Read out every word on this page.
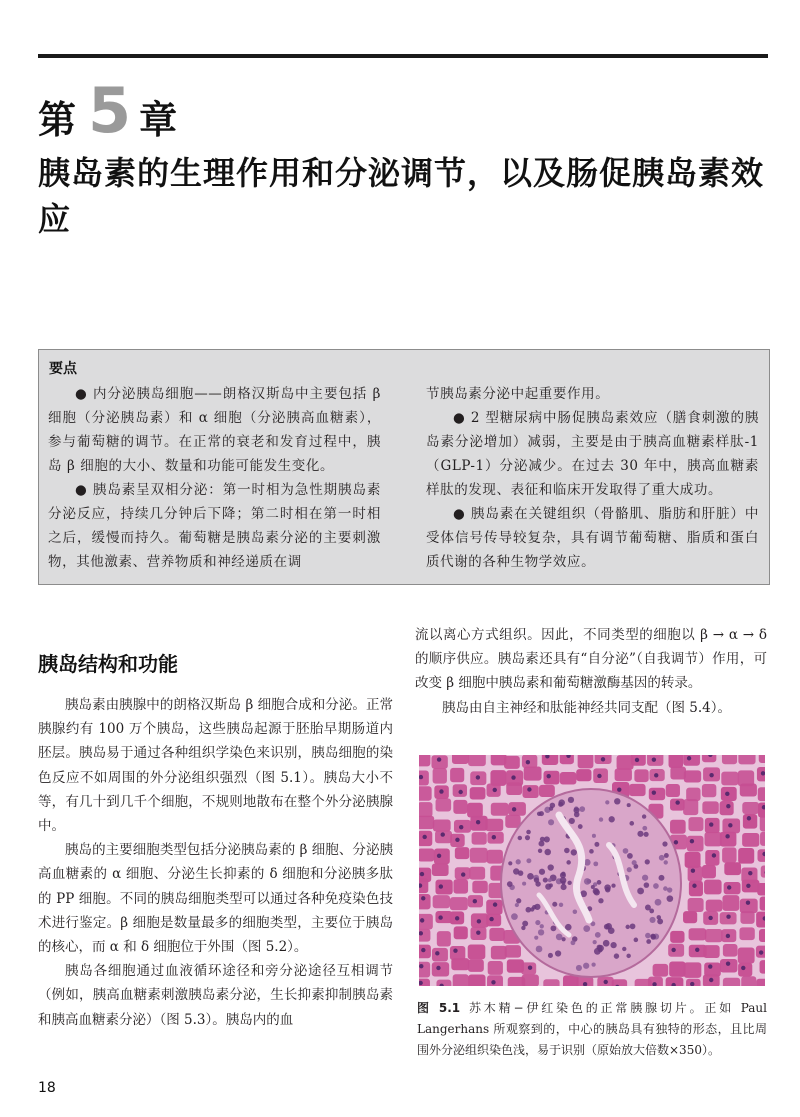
第 5 章
胰岛素的生理作用和分泌调节，以及肠促胰岛素效应
要点

● 内分泌胰岛细胞——朗格汉斯岛中主要包括 β 细胞（分泌胰岛素）和 α 细胞（分泌胰高血糖素），参与葡萄糖的调节。在正常的衰老和发育过程中，胰岛 β 细胞的大小、数量和功能可能发生变化。

● 胰岛素呈双相分泌：第一时相为急性期胰岛素分泌反应，持续几分钟后下降；第二时相在第一时相之后，缓慢而持久。葡萄糖是胰岛素分泌的主要刺激物，其他激素、营养物质和神经递质在调

节胰岛素分泌中起重要作用。

● 2 型糖尿病中肠促胰岛素效应（膳食刺激的胰岛素分泌增加）减弱，主要是由于胰高血糖素样肽-1（GLP-1）分泌减少。在过去 30 年中，胰高血糖素样肽的发现、表征和临床开发取得了重大成功。

● 胰岛素在关键组织（骨骼肌、脂肪和肝脏）中受体信号传导较复杂，具有调节葡萄糖、脂质和蛋白质代谢的各种生物学效应。

胰岛结构和功能

胰岛素由胰腺中的朗格汉斯岛 β 细胞合成和分泌。正常胰腺约有 100 万个胰岛，这些胰岛起源于胚胎早期肠道内胚层。胰岛易于通过各种组织学染色来识别，胰岛细胞的染色反应不如周围的外分泌组织强烈（图 5.1）。胰岛大小不等，有几十到几千个细胞，不规则地散布在整个外分泌胰腺中。

胰岛的主要细胞类型包括分泌胰岛素的 β 细胞、分泌胰高血糖素的 α 细胞、分泌生长抑素的 δ 细胞和分泌胰多肽的 PP 细胞。不同的胰岛细胞类型可以通过各种免疫染色技术进行鉴定。β 细胞是数量最多的细胞类型，主要位于胰岛的核心，而 α 和 δ 细胞位于外围（图 5.2）。

胰岛各细胞通过血液循环途径和旁分泌途径互相调节（例如，胰高血糖素刺激胰岛素分泌，生长抑素抑制胰岛素和胰高血糖素分泌）（图 5.3）。胰岛内的血

流以离心方式组织。因此，不同类型的细胞以 β → α → δ 的顺序供应。胰岛素还具有“自分泌”（自我调节）作用，可改变 β 细胞中胰岛素和葡萄糖激酶基因的转录。

胰岛由自主神经和肽能神经共同支配（图 5.4）。

图 5.1 苏木精−伊红染色的正常胰腺切片。正如 Paul Langerhans 所观察到的，中心的胰岛具有独特的形态，且比周围外分泌组织染色浅，易于识别（原始放大倍数×350）。
18
